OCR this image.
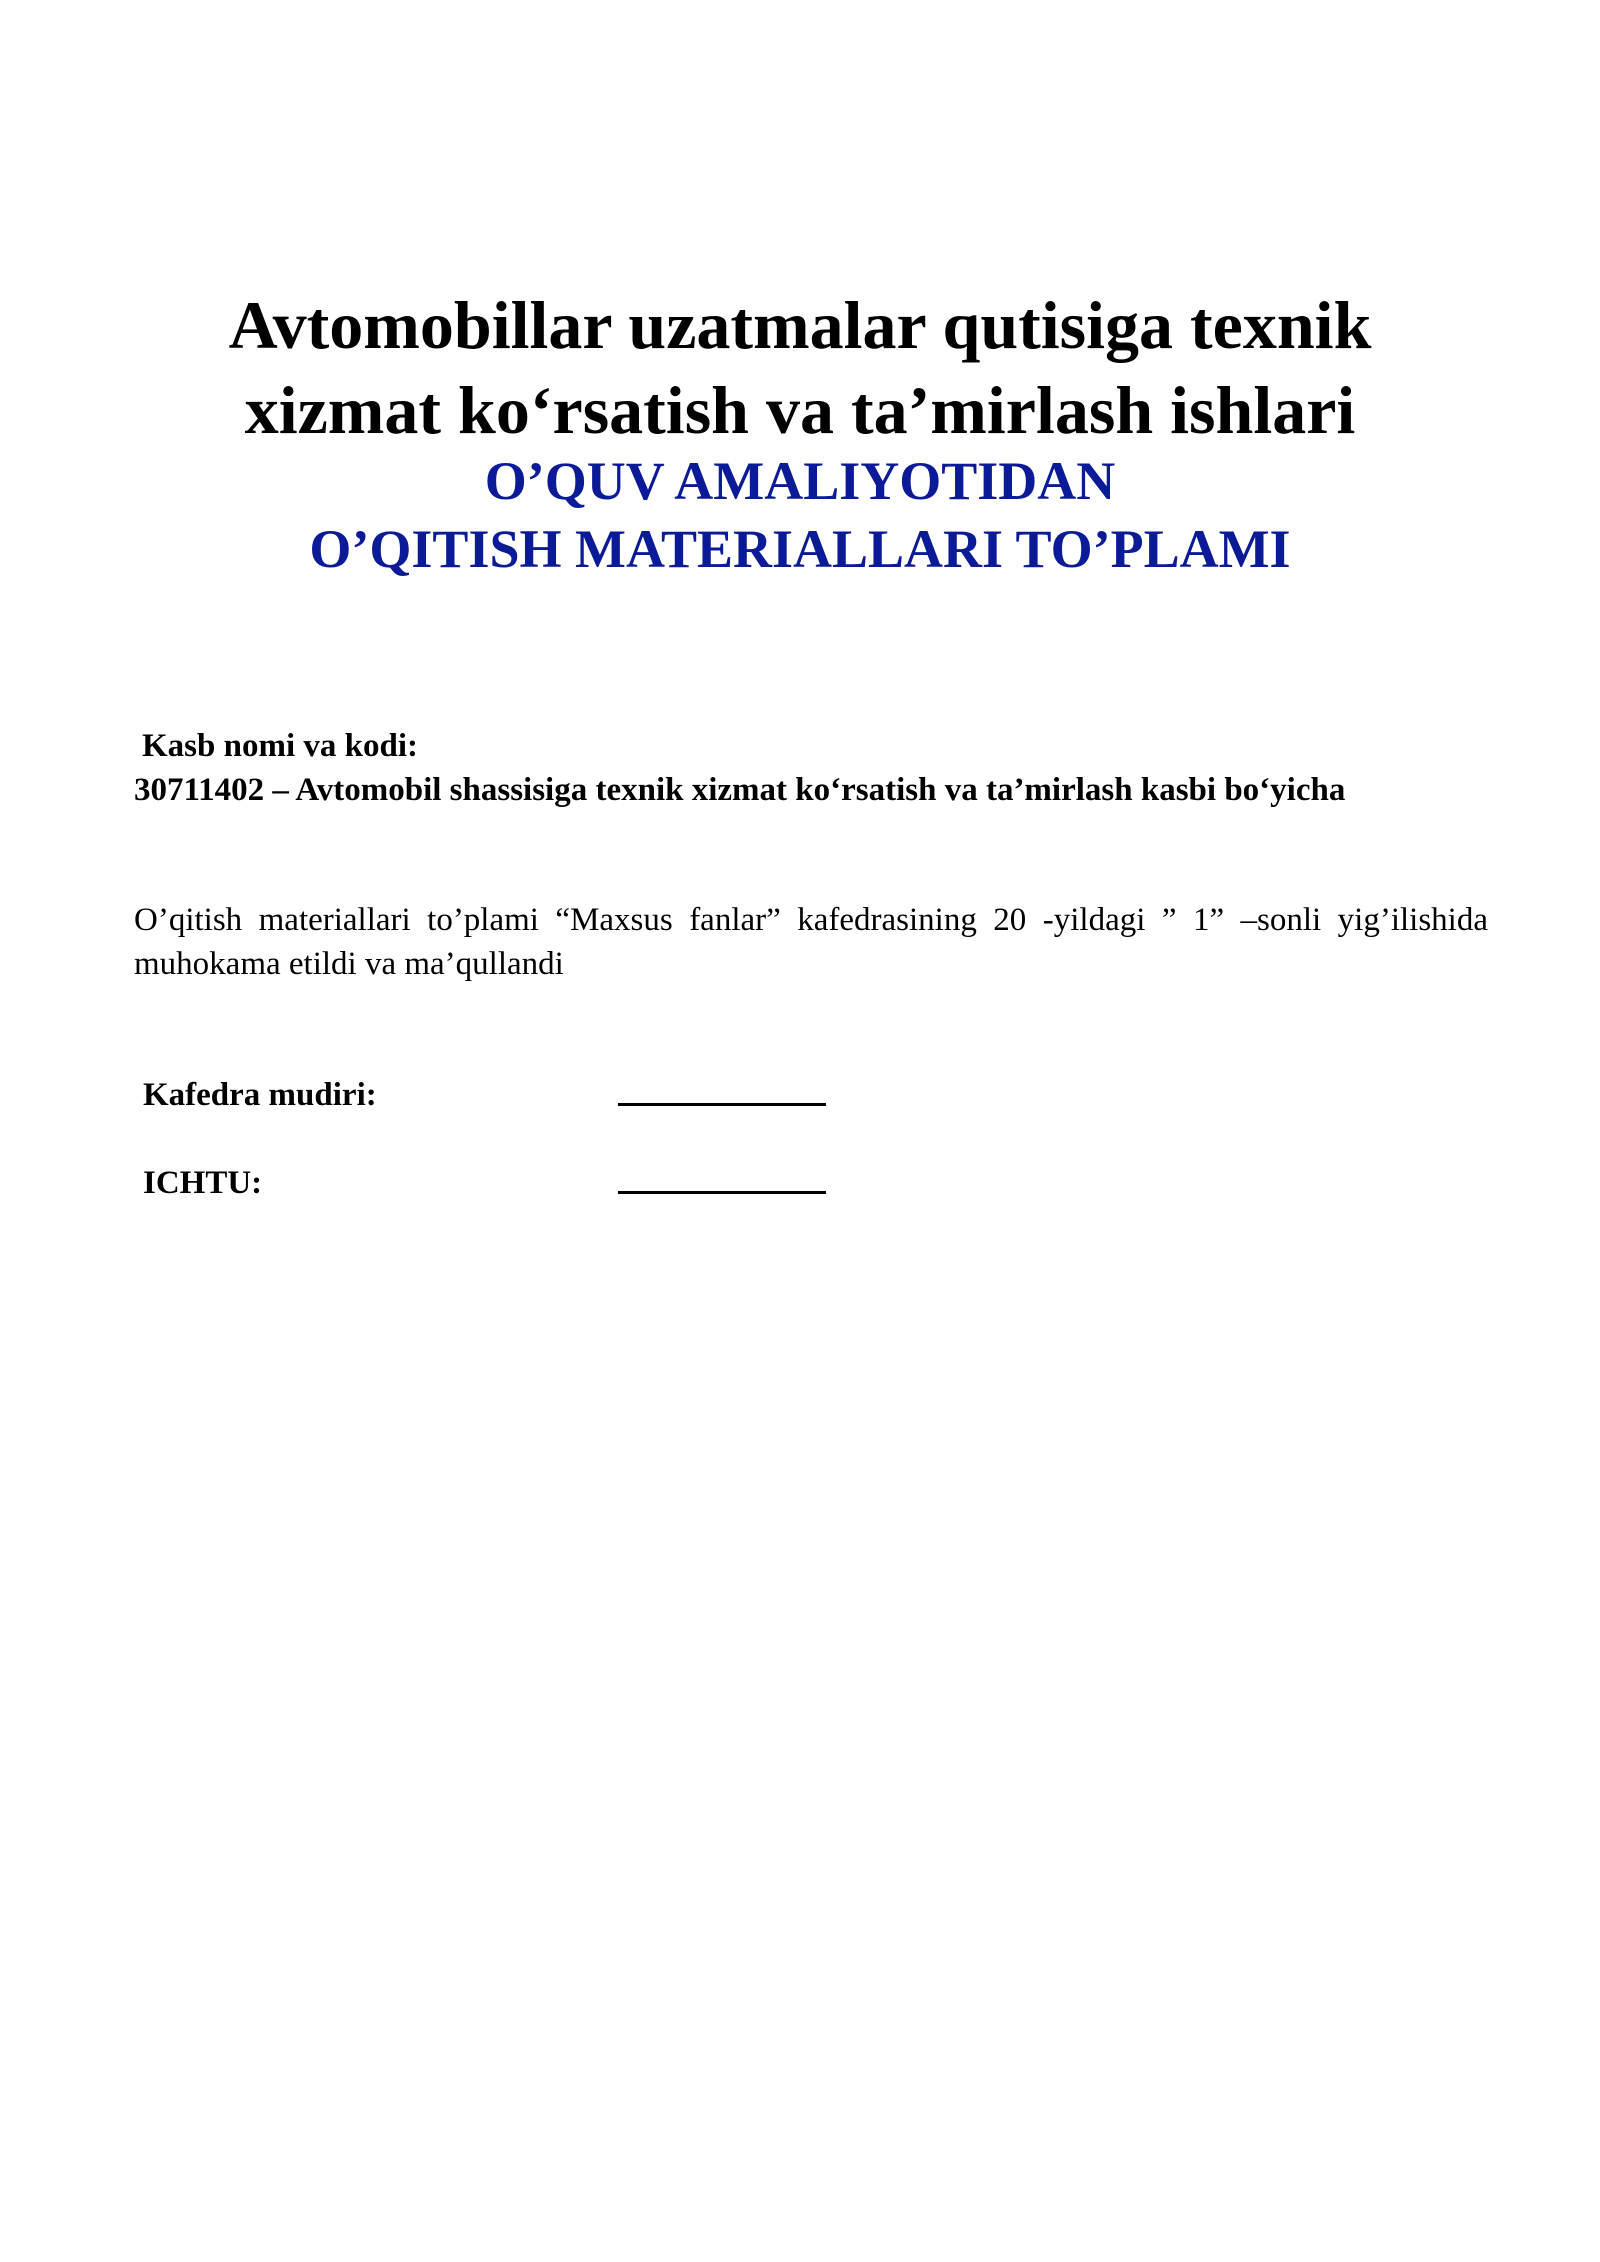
Avtomobillar uzatmalar qutisiga texnik

xizmat ko‘rsatish va ta’mirlash ishlari

O’QUV AMALIYOTIDAN

O’QITISH MATERIALLARI TO’PLAMI

Kasb nomi va kodi:
30711402 – Avtomobil shassisiga texnik xizmat ko‘rsatish va ta’mirlash kasbi bo‘yicha
O’qitish materiallari to’plami “Maxsus fanlar” kafedrasining 20 -yildagi ” 1” –sonli yig’ilishida muhokama etildi va ma’qullandi
Kafedra mudiri:
ICHTU:
